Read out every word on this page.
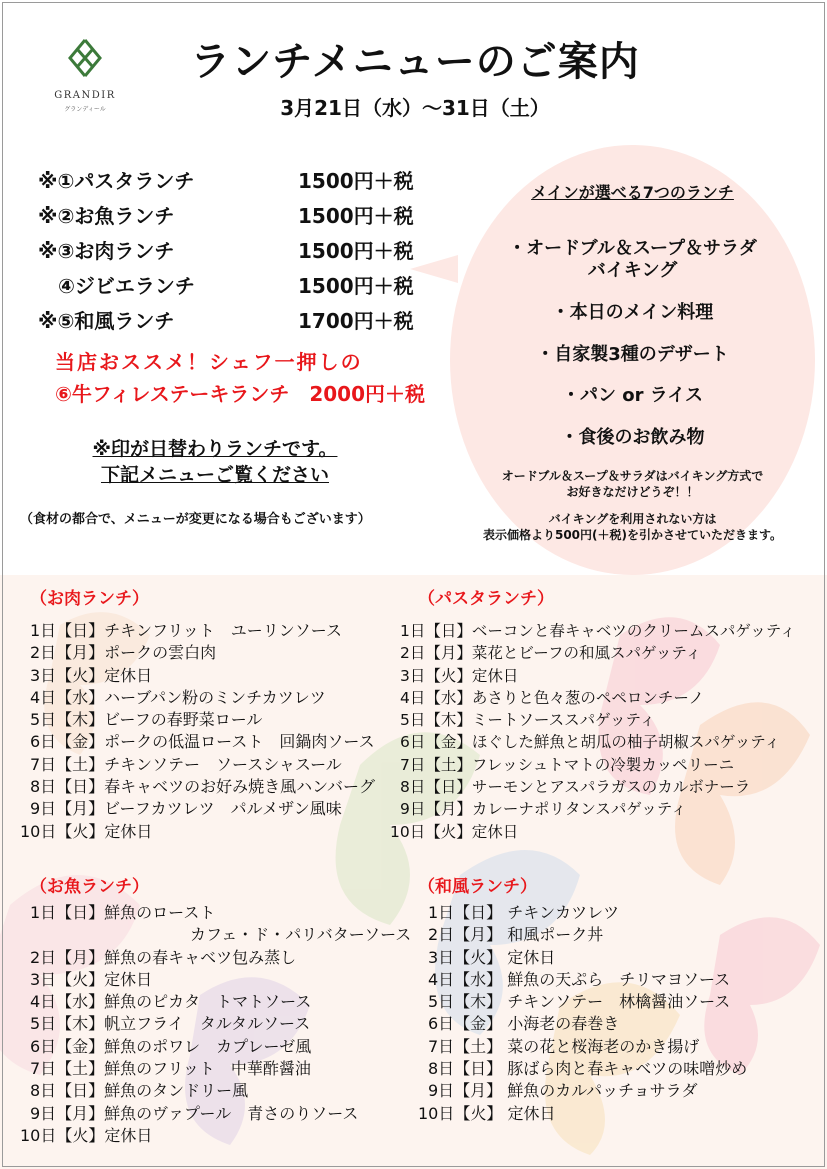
GRANDIR
グランディール
ランチメニューのご案内
3月21日（水）～31日（土）
※①パスタランチ	1500円＋税
※②お魚ランチ	1500円＋税
※③お肉ランチ	1500円＋税
　④ジビエランチ	1500円＋税
※⑤和風ランチ	1700円＋税
当店おススメ！シェフ一押しの
⑥牛フィレステーキランチ　2000円＋税
※印が日替わりランチです。
下記メニューご覧ください
（食材の都合で、メニューが変更になる場合もございます）
メインが選べる7つのランチ
・オードブル＆スープ＆サラダ
バイキング
・本日のメイン料理
・自家製3種のデザート
・パン or ライス
・食後のお飲み物
オードブル＆スープ＆サラダはバイキング方式で
お好きなだけどうぞ！！
バイキングを利用されない方は
表示価格より500円(＋税)を引かさせていただきます。
（お肉ランチ）
1日【日】チキンフリット　ユーリンソース
2日【月】ポークの雲白肉
3日【火】定休日
4日【水】ハーブパン粉のミンチカツレツ
5日【木】ビーフの春野菜ロール
6日【金】ポークの低温ロースト　回鍋肉ソース
7日【土】チキンソテー　ソースシャスール
8日【日】春キャベツのお好み焼き風ハンバーグ
9日【月】ビーフカツレツ　パルメザン風味
10日【火】定休日
（パスタランチ）
1日【日】ベーコンと春キャベツのクリームスパゲッティ
2日【月】菜花とビーフの和風スパゲッティ
3日【火】定休日
4日【水】あさりと色々葱のペペロンチーノ
5日【木】ミートソーススパゲッティ
6日【金】ほぐした鮮魚と胡瓜の柚子胡椒スパゲッティ
7日【土】フレッシュトマトの冷製カッペリーニ
8日【日】サーモンとアスパラガスのカルボナーラ
9日【月】カレーナポリタンスパゲッティ
10日【火】定休日
（お魚ランチ）
1日【日】鮮魚のロースト
　　　　　　　　　　カフェ・ド・パリバターソース
2日【月】鮮魚の春キャベツ包み蒸し
3日【火】定休日
4日【水】鮮魚のピカタ　トマトソース
5日【木】帆立フライ　タルタルソース
6日【金】鮮魚のポワレ　カプレーゼ風
7日【土】鮮魚のフリット　中華酢醤油
8日【日】鮮魚のタンドリー風
9日【月】鮮魚のヴァプール　青さのりソース
10日【火】定休日
（和風ランチ）
1日【日】 チキンカツレツ
2日【月】 和風ポーク丼
3日【火】 定休日
4日【水】 鮮魚の天ぷら　チリマヨソース
5日【木】 チキンソテー　林檎醤油ソース
6日【金】 小海老の春巻き
7日【土】 菜の花と桜海老のかき揚げ
8日【日】 豚ばら肉と春キャベツの味噌炒め
9日【月】 鮮魚のカルパッチョサラダ
10日【火】 定休日
